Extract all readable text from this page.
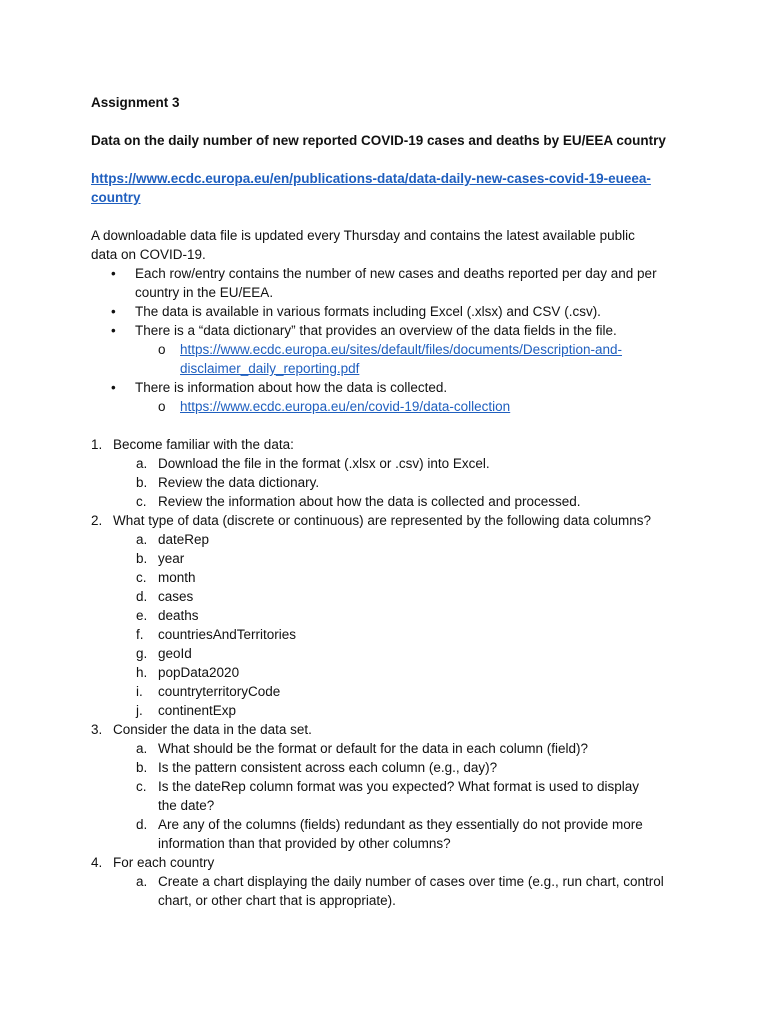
Assignment 3
Data on the daily number of new reported COVID-19 cases and deaths by EU/EEA country
https://www.ecdc.europa.eu/en/publications-data/data-daily-new-cases-covid-19-eueea-
country
A downloadable data file is updated every Thursday and contains the latest available public
data on COVID-19.
• Each row/entry contains the number of new cases and deaths reported per day and per
country in the EU/EEA.
• The data is available in various formats including Excel (.xlsx) and CSV (.csv).
• There is a “data dictionary” that provides an overview of the data fields in the file.
o https://www.ecdc.europa.eu/sites/default/files/documents/Description-and-
disclaimer_daily_reporting.pdf
• There is information about how the data is collected.
o https://www.ecdc.europa.eu/en/covid-19/data-collection
1. Become familiar with the data:
a. Download the file in the format (.xlsx or .csv) into Excel.
b. Review the data dictionary.
c. Review the information about how the data is collected and processed.
2. What type of data (discrete or continuous) are represented by the following data columns?
a. dateRep
b. year
c. month
d. cases
e. deaths
f. countriesAndTerritories
g. geoId
h. popData2020
i. countryterritoryCode
j. continentExp
3. Consider the data in the data set.
a. What should be the format or default for the data in each column (field)?
b. Is the pattern consistent across each column (e.g., day)?
c. Is the dateRep column format was you expected? What format is used to display
the date?
d. Are any of the columns (fields) redundant as they essentially do not provide more
information than that provided by other columns?
4. For each country
a. Create a chart displaying the daily number of cases over time (e.g., run chart, control
chart, or other chart that is appropriate).
